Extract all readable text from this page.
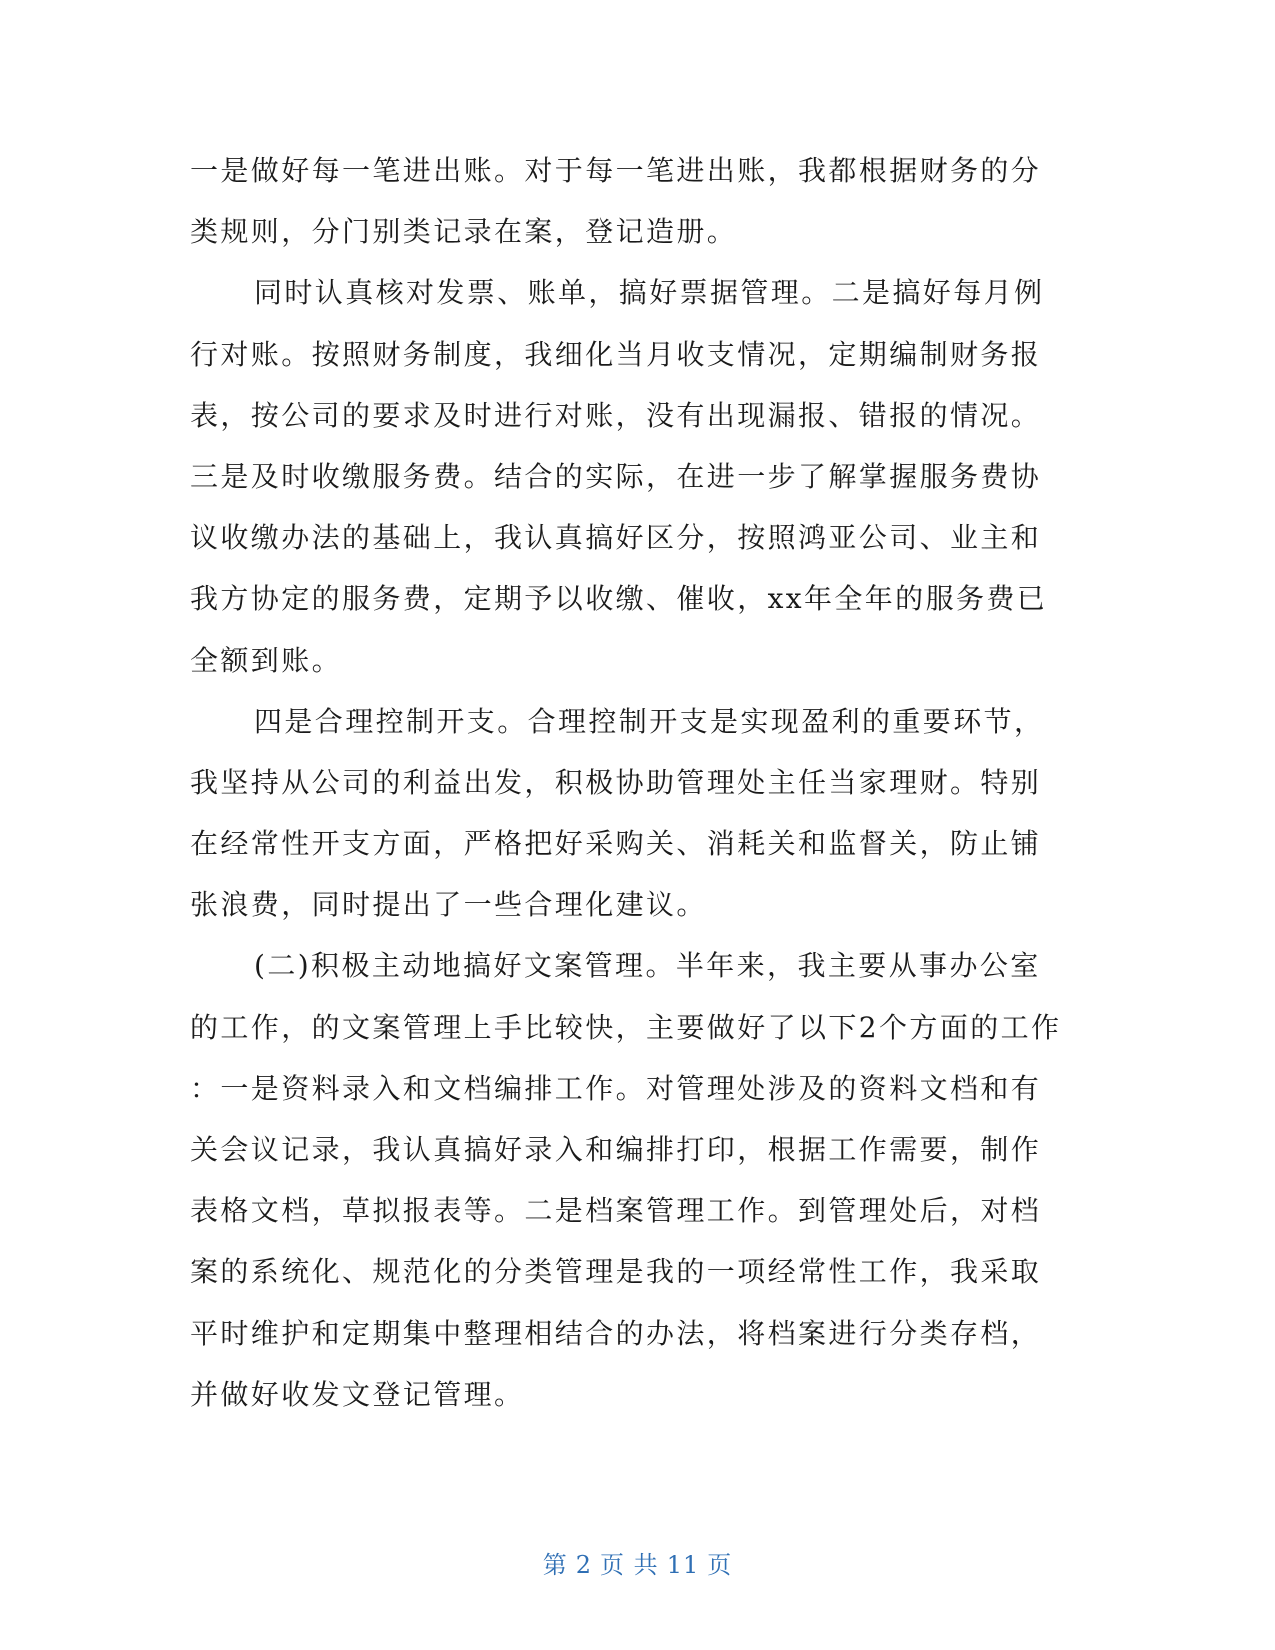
一是做好每一笔进出账。对于每一笔进出账，我都根据财务的分
类规则，分门别类记录在案，登记造册。
同时认真核对发票、账单，搞好票据管理。二是搞好每月例
行对账。按照财务制度，我细化当月收支情况，定期编制财务报
表，按公司的要求及时进行对账，没有出现漏报、错报的情况。
三是及时收缴服务费。结合的实际，在进一步了解掌握服务费协
议收缴办法的基础上，我认真搞好区分，按照鸿亚公司、业主和
我方协定的服务费，定期予以收缴、催收，xx年全年的服务费已
全额到账。
四是合理控制开支。合理控制开支是实现盈利的重要环节，
我坚持从公司的利益出发，积极协助管理处主任当家理财。特别
在经常性开支方面，严格把好采购关、消耗关和监督关，防止铺
张浪费，同时提出了一些合理化建议。
(二)积极主动地搞好文案管理。半年来，我主要从事办公室
的工作，的文案管理上手比较快，主要做好了以下2个方面的工作
：一是资料录入和文档编排工作。对管理处涉及的资料文档和有
关会议记录，我认真搞好录入和编排打印，根据工作需要，制作
表格文档，草拟报表等。二是档案管理工作。到管理处后，对档
案的系统化、规范化的分类管理是我的一项经常性工作，我采取
平时维护和定期集中整理相结合的办法，将档案进行分类存档，
并做好收发文登记管理。
第 2 页 共 11 页
